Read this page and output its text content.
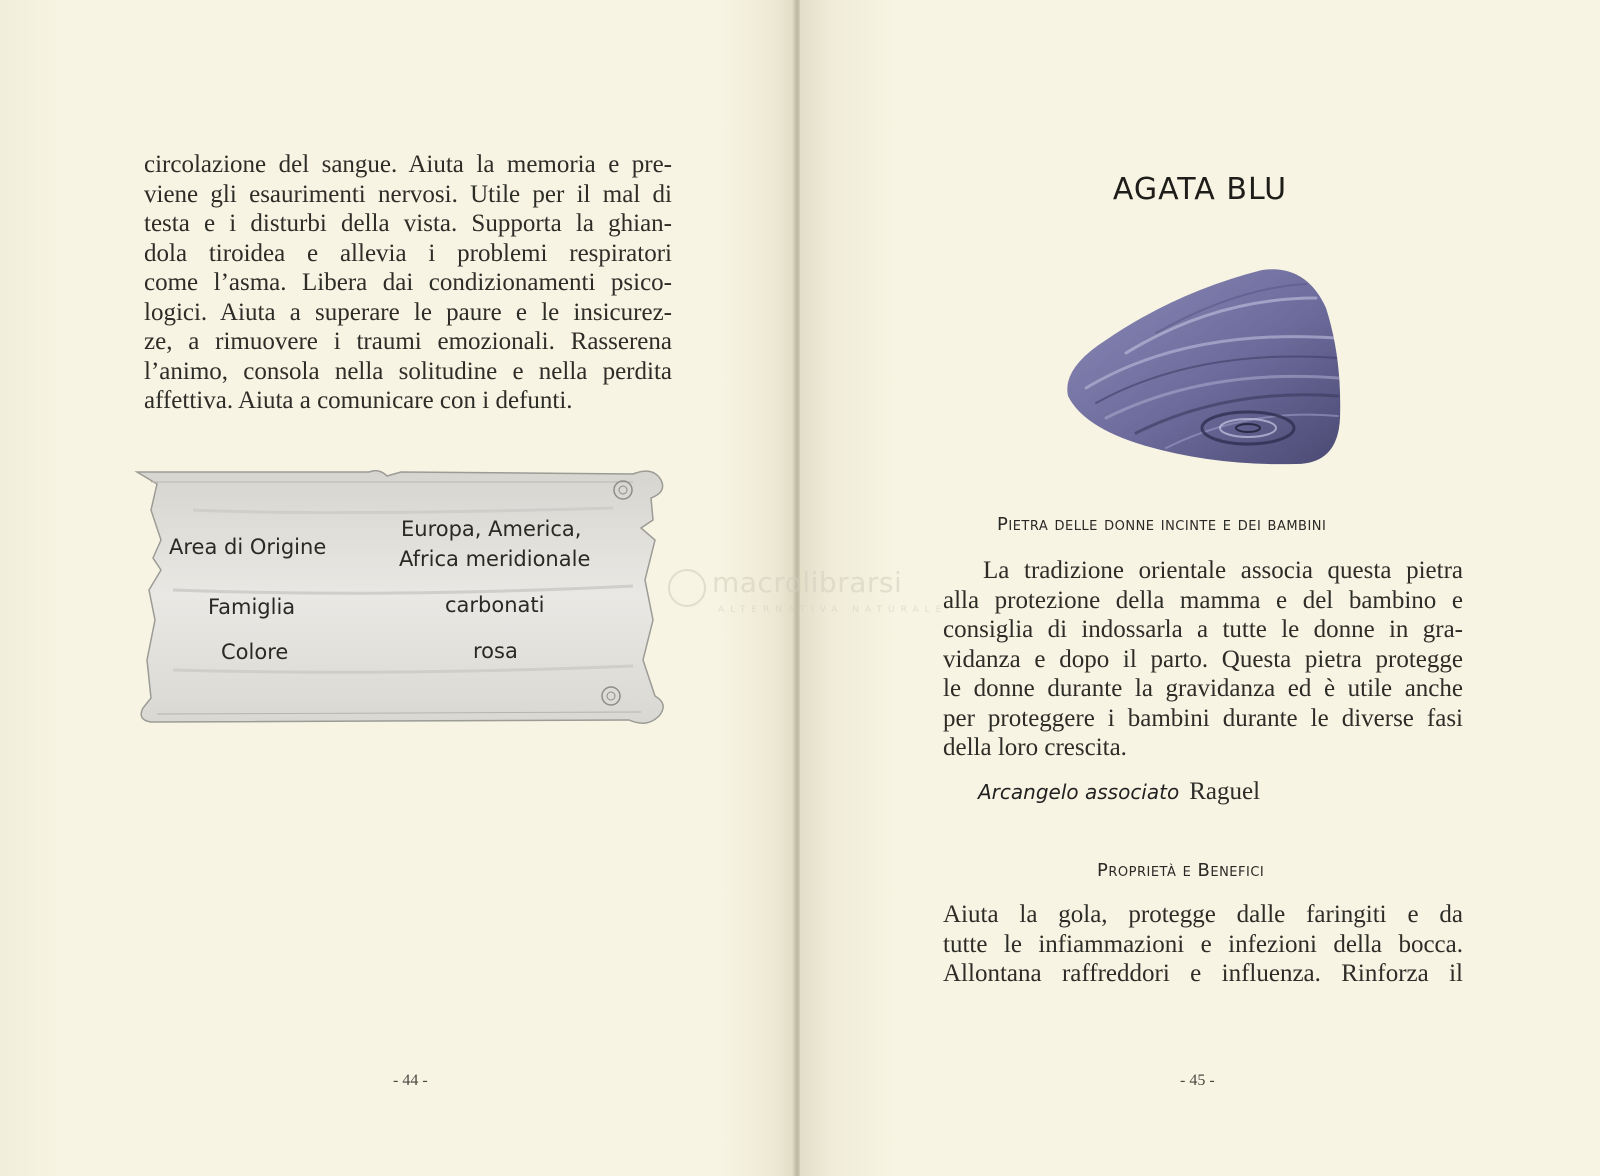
circolazione del sangue. Aiuta la memoria e pre-
viene gli esaurimenti nervosi. Utile per il mal di
testa e i disturbi della vista. Supporta la ghian-
dola tiroidea e allevia i problemi respiratori
come l’asma. Libera dai condizionamenti psico-
logici. Aiuta a superare le paure e le insicurez-
ze, a rimuovere i traumi emozionali. Rasserena
l’animo, consola nella solitudine e nella perdita
affettiva. Aiuta a comunicare con i defunti.
Area di Origine
Europa, America,
Africa meridionale
Famiglia	carbonati
Colore	rosa
- 44 -
AGATA BLU
Pietra delle donne incinte e dei bambini
La tradizione orientale associa questa pietra
alla protezione della mamma e del bambino e
consiglia di indossarla a tutte le donne in gra-
vidanza e dopo il parto. Questa pietra protegge
le donne durante la gravidanza ed è utile anche
per proteggere i bambini durante le diverse fasi
della loro crescita.
Arcangelo associato Raguel
Proprietà e Benefici
Aiuta la gola, protegge dalle faringiti e da
tutte le infiammazioni e infezioni della bocca.
Allontana raffreddori e influenza. Rinforza il
- 45 -
macrolibrarsi
ALTERNATIVA NATURALE
